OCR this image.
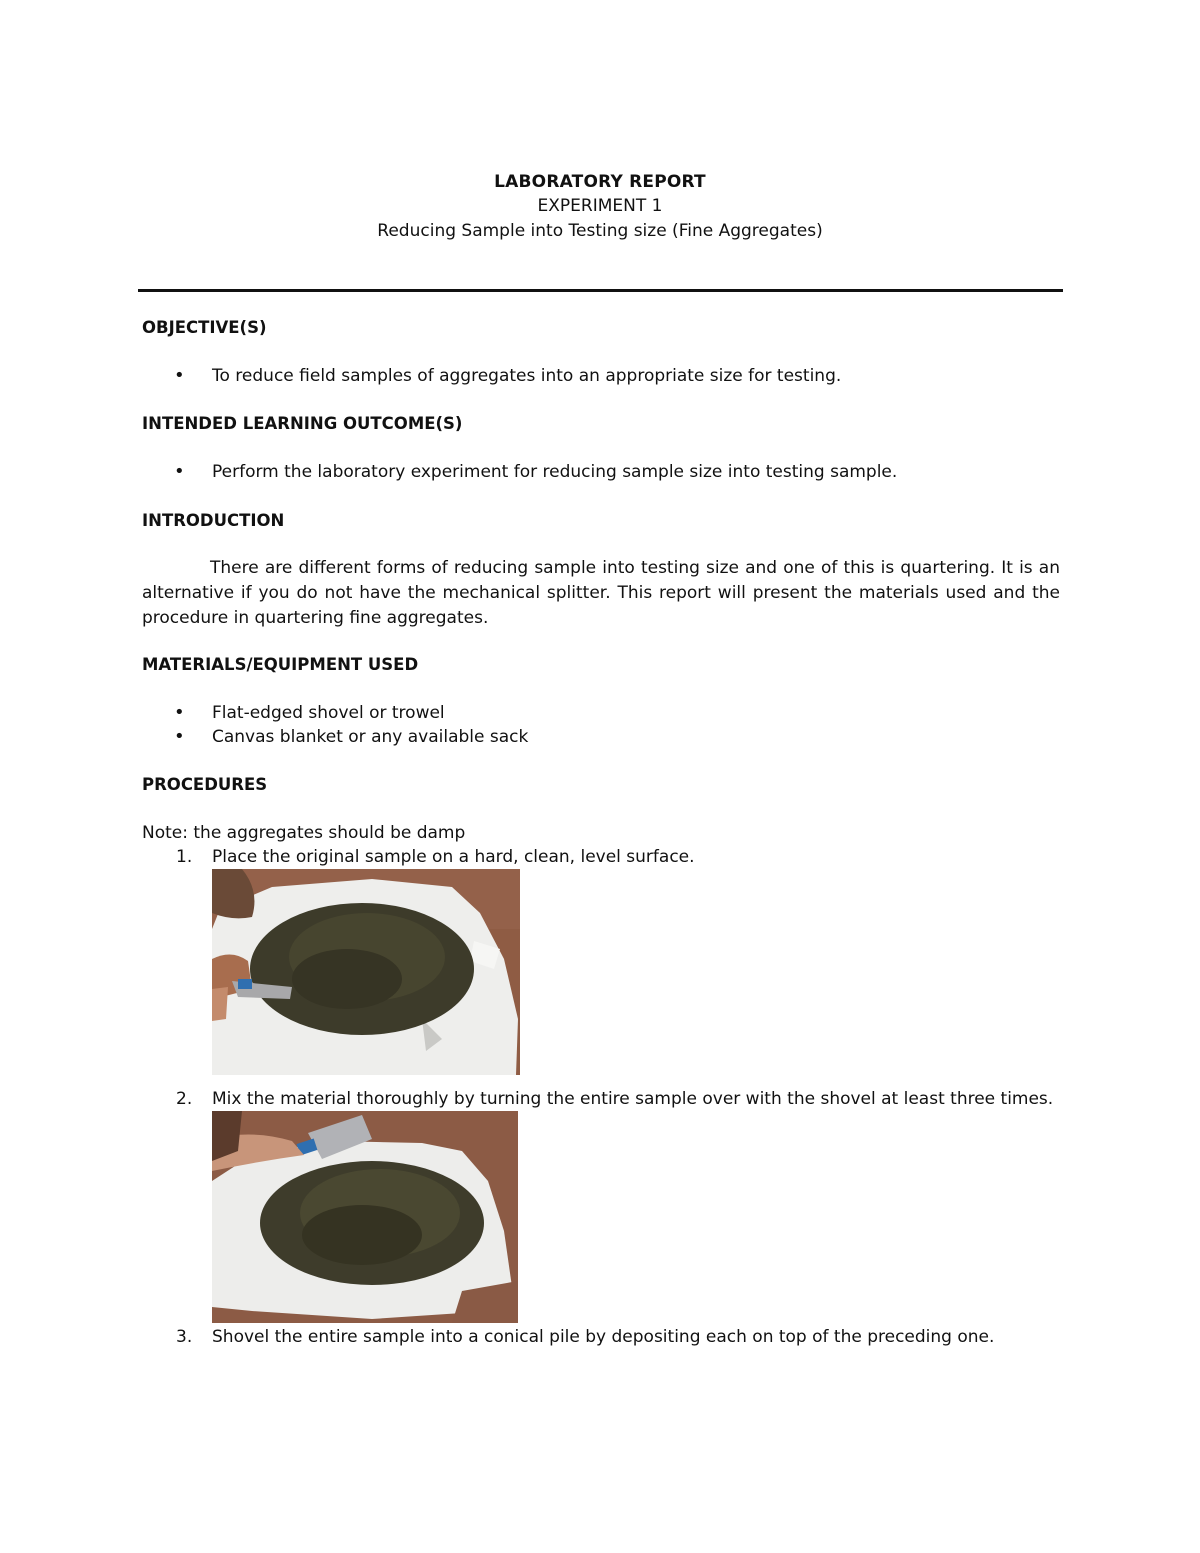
LABORATORY REPORT
EXPERIMENT 1
Reducing Sample into Testing size (Fine Aggregates)
OBJECTIVE(S)

• To reduce field samples of aggregates into an appropriate size for testing.

INTENDED LEARNING OUTCOME(S)

• Perform the laboratory experiment for reducing sample size into testing sample.

INTRODUCTION

There are different forms of reducing sample into testing size and one of this is quartering. It is an alternative if you do not have the mechanical splitter. This report will present the materials used and the procedure in quartering fine aggregates.

MATERIALS/EQUIPMENT USED

• Flat-edged shovel or trowel

• Canvas blanket or any available sack

PROCEDURES

Note: the aggregates should be damp

1. Place the original sample on a hard, clean, level surface.
2. Mix the material thoroughly by turning the entire sample over with the shovel at least three times.
3. Shovel the entire sample into a conical pile by depositing each on top of the preceding one.
